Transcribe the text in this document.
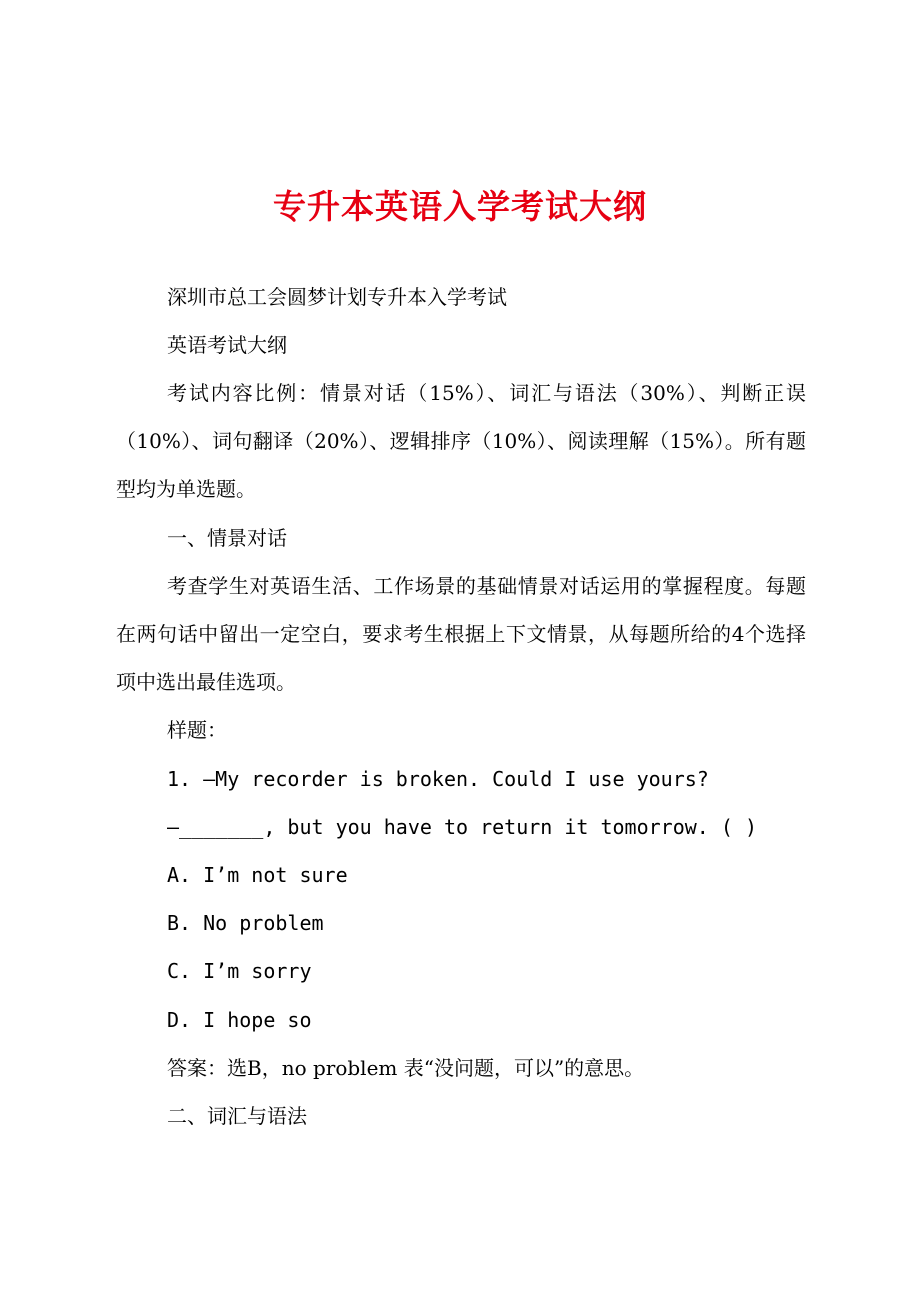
专升本英语入学考试大纲
深圳市总工会圆梦计划专升本入学考试
英语考试大纲
考试内容比例：情景对话（15%）、词汇与语法（30%）、判断正误（10%）、词句翻译（20%）、逻辑排序（10%）、阅读理解（15%）。所有题型均为单选题。
一、情景对话
考查学生对英语生活、工作场景的基础情景对话运用的掌握程度。每题在两句话中留出一定空白，要求考生根据上下文情景，从每题所给的4个选择项中选出最佳选项。
样题：
1. —My recorder is broken. Could I use yours?
—_______, but you have to return it tomorrow. ( )
A. I’m not sure
B. No problem
C. I’m sorry
D. I hope so
答案：选B，no problem 表“没问题，可以”的意思。
二、词汇与语法
